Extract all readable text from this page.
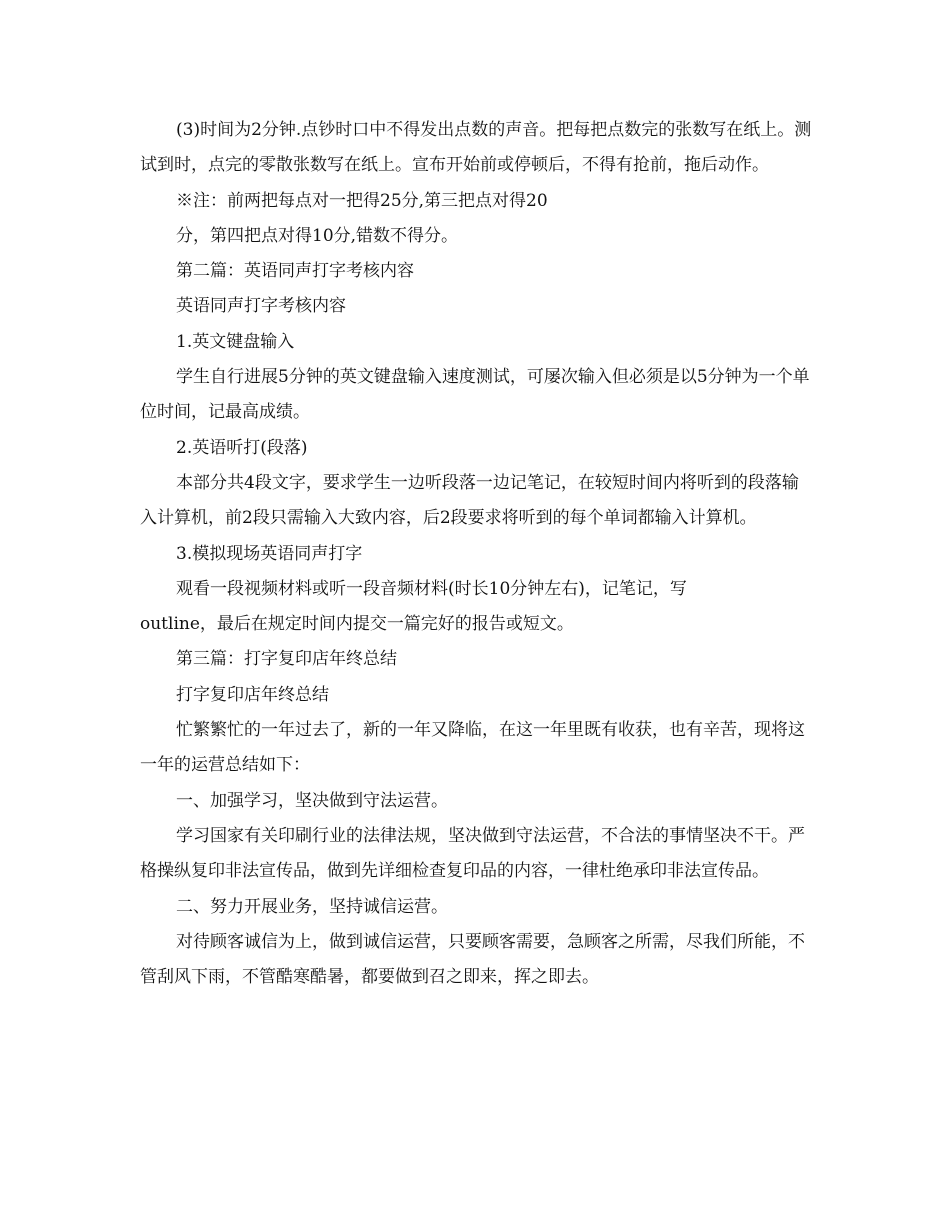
(3)时间为2分钟.点钞时口中不得发出点数的声音。把每把点数完的张数写在纸上。测试到时，点完的零散张数写在纸上。宣布开始前或停顿后，不得有抢前，拖后动作。

※注：前两把每点对一把得25分,第三把点对得20

分，第四把点对得10分,错数不得分。

第二篇：英语同声打字考核内容

英语同声打字考核内容

1.英文键盘输入

学生自行进展5分钟的英文键盘输入速度测试，可屡次输入但必须是以5分钟为一个单位时间，记最高成绩。

2.英语听打(段落)

本部分共4段文字，要求学生一边听段落一边记笔记，在较短时间内将听到的段落输入计算机，前2段只需输入大致内容，后2段要求将听到的每个单词都输入计算机。

3.模拟现场英语同声打字

观看一段视频材料或听一段音频材料(时长10分钟左右)，记笔记，写

outline，最后在规定时间内提交一篇完好的报告或短文。

第三篇：打字复印店年终总结

打字复印店年终总结

忙繁繁忙的一年过去了，新的一年又降临，在这一年里既有收获，也有辛苦，现将这一年的运营总结如下：

一、加强学习，坚决做到守法运营。

学习国家有关印刷行业的法律法规，坚决做到守法运营，不合法的事情坚决不干。严格操纵复印非法宣传品，做到先详细检查复印品的内容，一律杜绝承印非法宣传品。

二、努力开展业务，坚持诚信运营。

对待顾客诚信为上，做到诚信运营，只要顾客需要，急顾客之所需，尽我们所能，不管刮风下雨，不管酷寒酷暑，都要做到召之即来，挥之即去。
